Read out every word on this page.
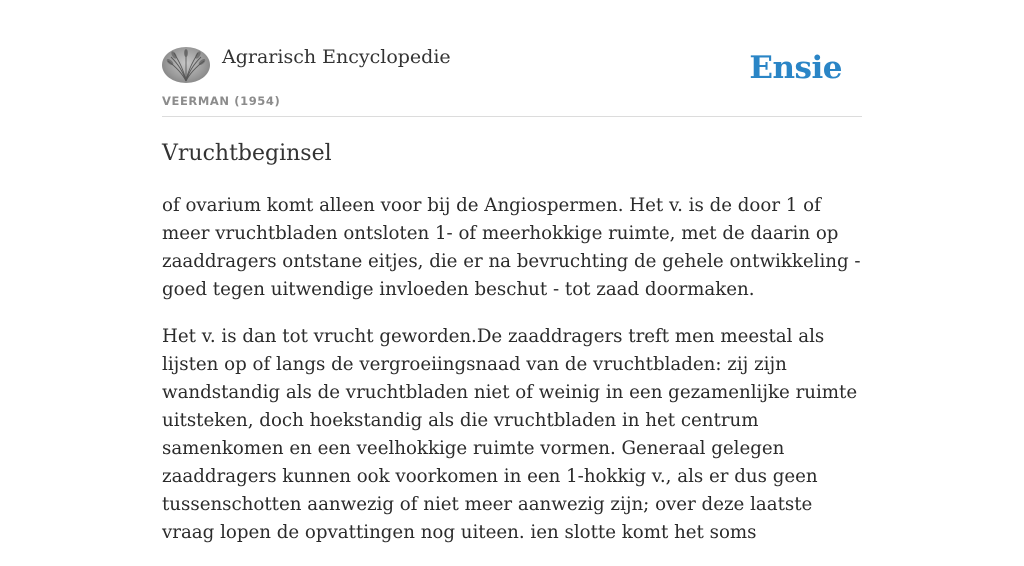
Agrarisch Encyclopedie
VEERMAN (1954)
Ensie
Vruchtbeginsel

of ovarium komt alleen voor bij de Angiospermen. Het v. is de door 1 of meer vruchtbladen ontsloten 1- of meerhokkige ruimte, met de daarin op zaaddragers ontstane eitjes, die er na bevruchting de gehele ontwikkeling - goed tegen uitwendige invloeden beschut - tot zaad doormaken.

Het v. is dan tot vrucht geworden.De zaaddragers treft men meestal als lijsten op of langs de vergroeiingsnaad van de vruchtbladen: zij zijn wandstandig als de vruchtbladen niet of weinig in een gezamenlijke ruimte uitsteken, doch hoekstandig als die vruchtbladen in het centrum samenkomen en een veelhokkige ruimte vormen. Generaal gelegen zaaddragers kunnen ook voorkomen in een 1-hokkig v., als er dus geen tussenschotten aanwezig of niet meer aanwezig zijn; over deze laatste vraag lopen de opvattingen nog uiteen. ien slotte komt het soms
